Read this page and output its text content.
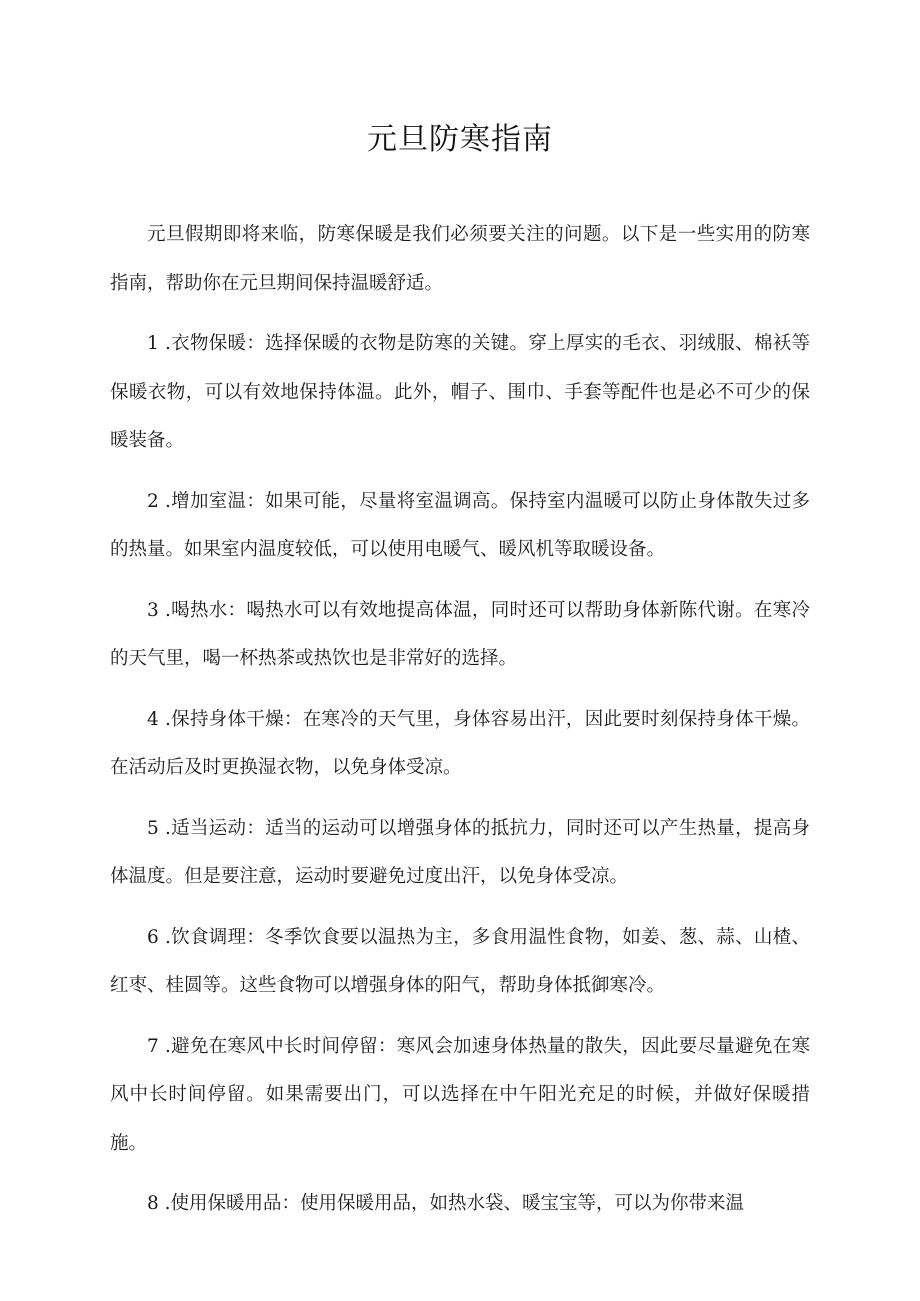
元旦防寒指南

元旦假期即将来临，防寒保暖是我们必须要关注的问题。以下是一些实用的防寒指南，帮助你在元旦期间保持温暖舒适。

1 .衣物保暖：选择保暖的衣物是防寒的关键。穿上厚实的毛衣、羽绒服、棉袄等保暖衣物，可以有效地保持体温。此外，帽子、围巾、手套等配件也是必不可少的保暖装备。

2 .增加室温：如果可能，尽量将室温调高。保持室内温暖可以防止身体散失过多的热量。如果室内温度较低，可以使用电暖气、暖风机等取暖设备。

3 .喝热水：喝热水可以有效地提高体温，同时还可以帮助身体新陈代谢。在寒冷的天气里，喝一杯热茶或热饮也是非常好的选择。

4 .保持身体干燥：在寒冷的天气里，身体容易出汗，因此要时刻保持身体干燥。在活动后及时更换湿衣物，以免身体受凉。

5 .适当运动：适当的运动可以增强身体的抵抗力，同时还可以产生热量，提高身体温度。但是要注意，运动时要避免过度出汗，以免身体受凉。

6 .饮食调理：冬季饮食要以温热为主，多食用温性食物，如姜、葱、蒜、山楂、红枣、桂圆等。这些食物可以增强身体的阳气，帮助身体抵御寒冷。

7 .避免在寒风中长时间停留：寒风会加速身体热量的散失，因此要尽量避免在寒风中长时间停留。如果需要出门，可以选择在中午阳光充足的时候，并做好保暖措施。

8 .使用保暖用品：使用保暖用品，如热水袋、暖宝宝等，可以为你带来温
